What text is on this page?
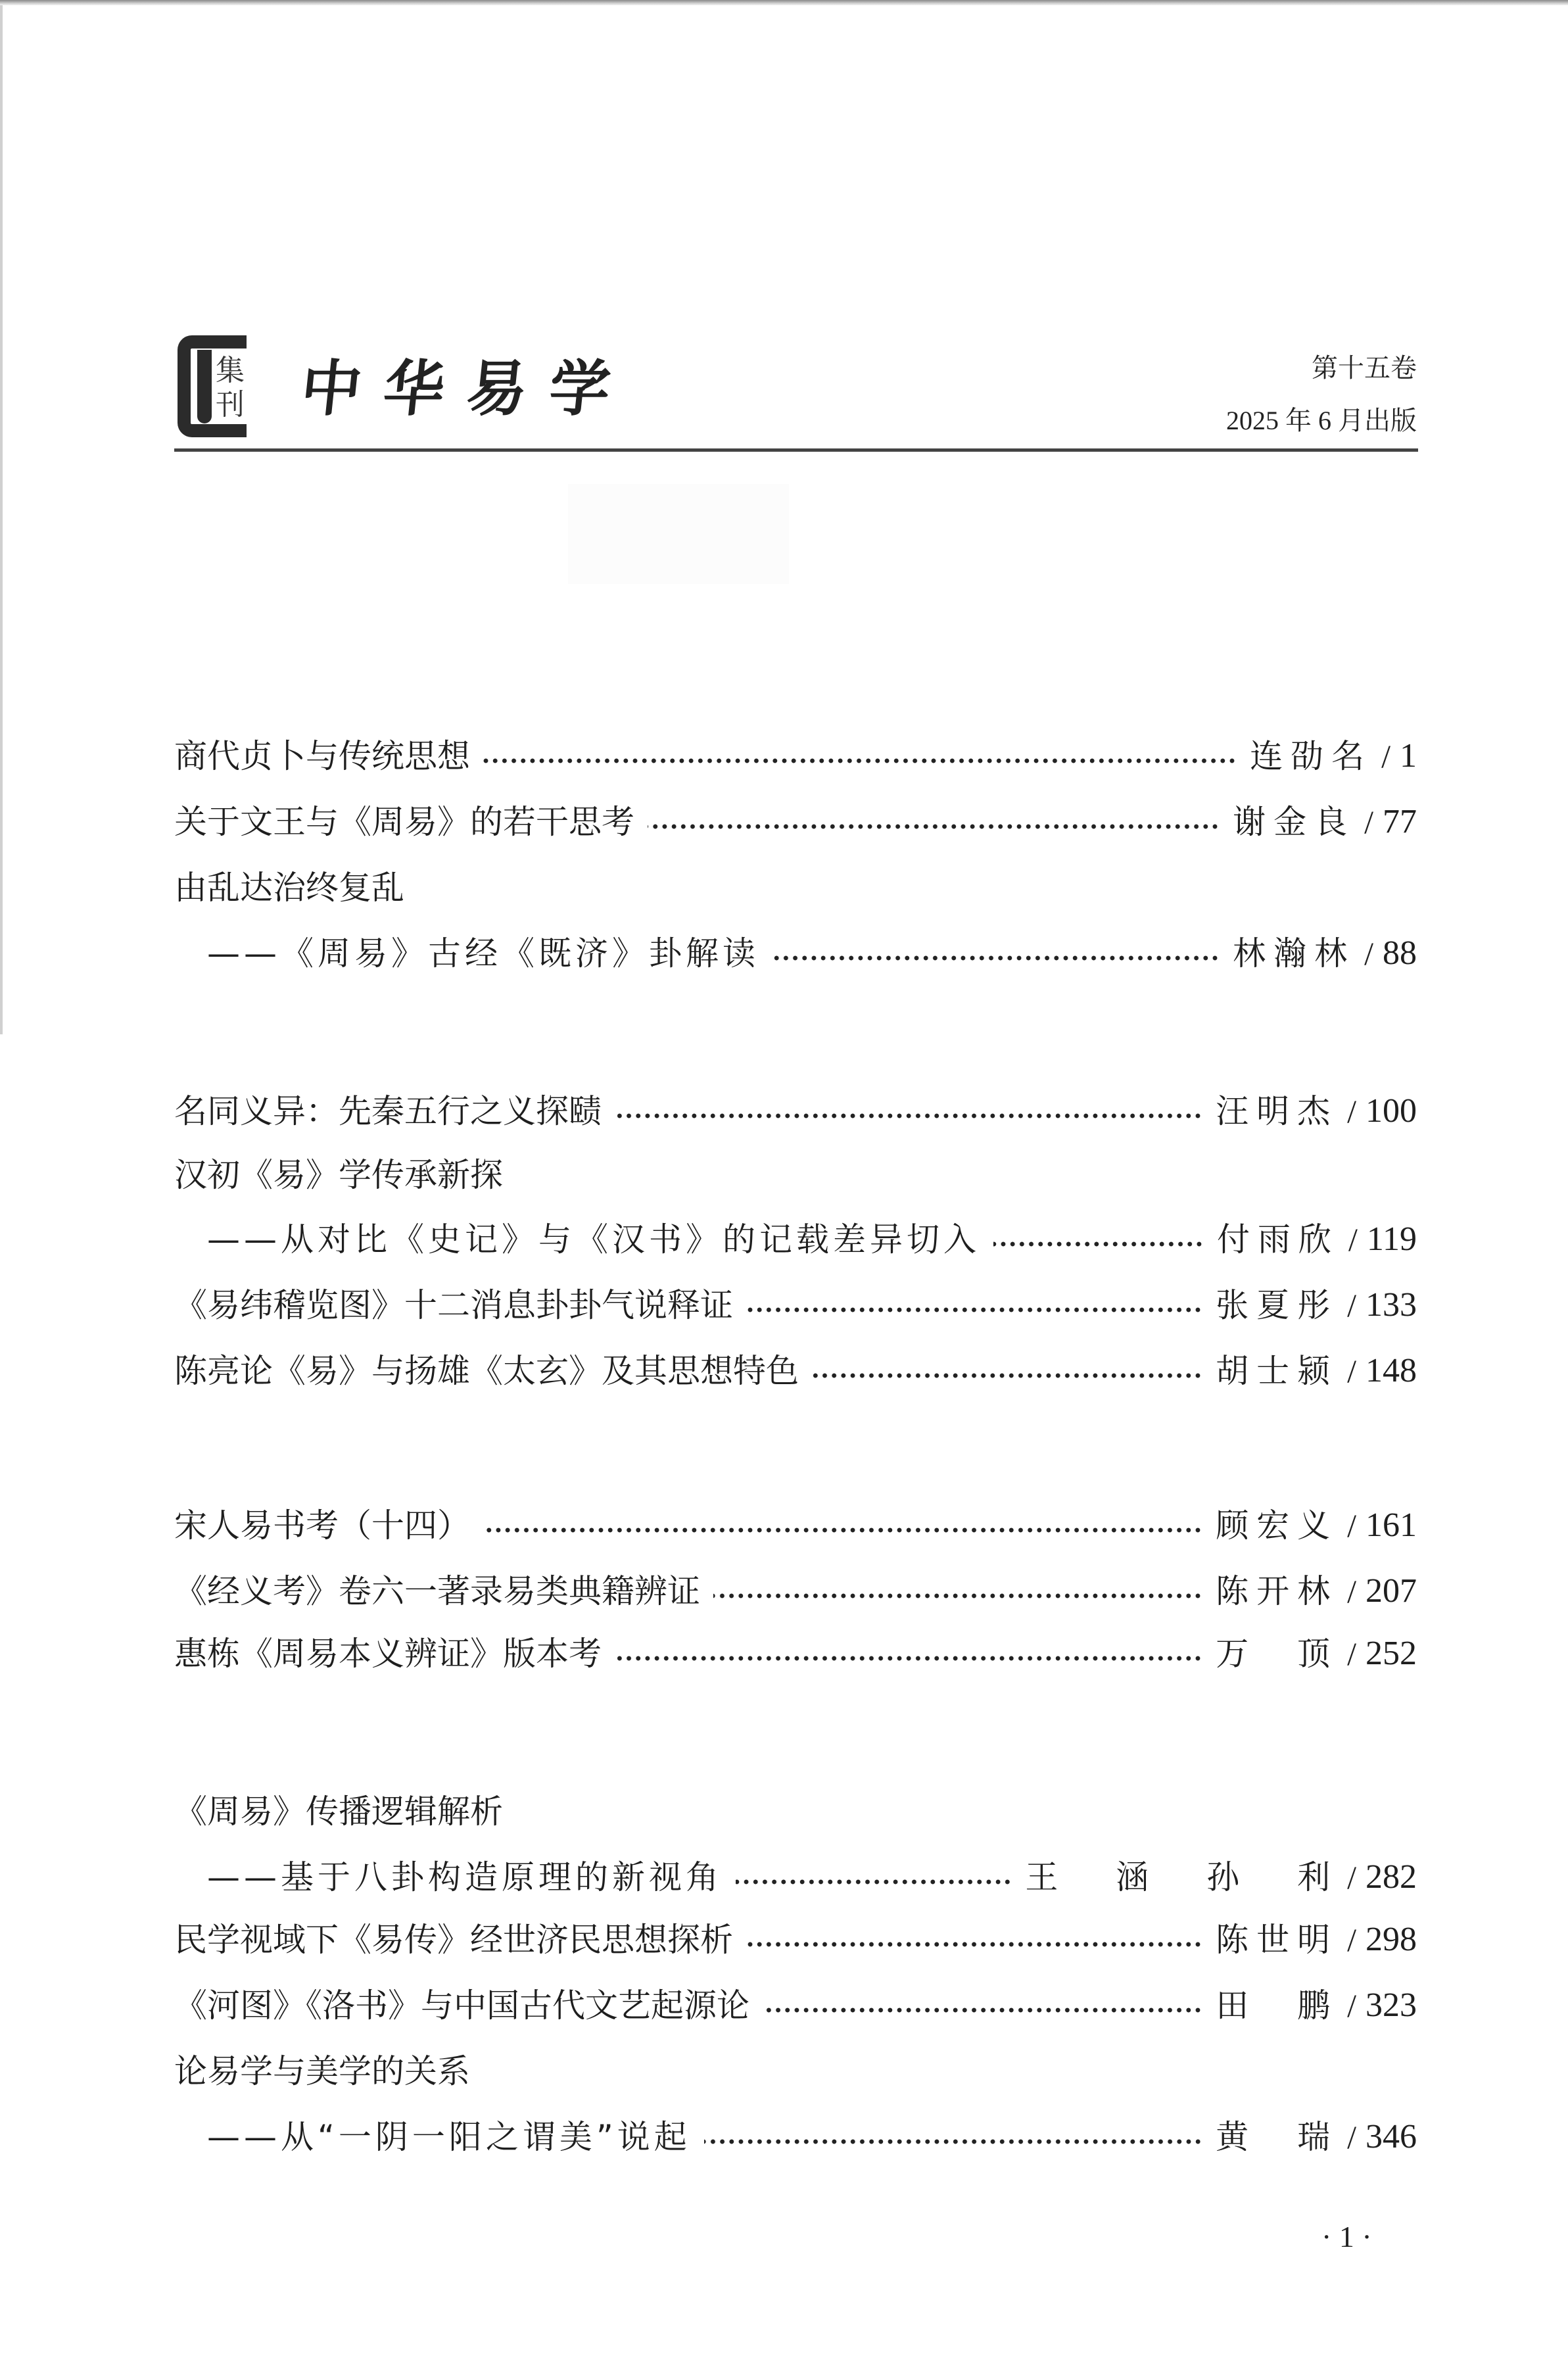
集
刊 中华易学	第十五卷
2025 年 6 月出版
商代贞卜与传统思想	连劭名 / 1
关于文王与《周易》的若干思考	谢金良 / 77
由乱达治终复乱
——《周易》古经《既济》卦解读	林瀚林 / 88
名同义异：先秦五行之义探赜	汪明杰 / 100
汉初《易》学传承新探
——从对比《史记》与《汉书》的记载差异切入	付雨欣 / 119
《易纬稽览图》十二消息卦卦气说释证	张夏彤 / 133
陈亮论《易》与扬雄《太玄》及其思想特色	胡士颍 / 148
宋人易书考（十四）	顾宏义 / 161
《经义考》卷六一著录易类典籍辨证	陈开林 / 207
惠栋《周易本义辨证》版本考	万　顶 / 252
《周易》传播逻辑解析
——基于八卦构造原理的新视角	王 涵 孙 利 / 282
民学视域下《易传》经世济民思想探析	陈世明 / 298
《河图》《洛书》与中国古代文艺起源论	田　鹏 / 323
论易学与美学的关系
——从“一阴一阳之谓美”说起	黄　瑞 / 346
· 1 ·
